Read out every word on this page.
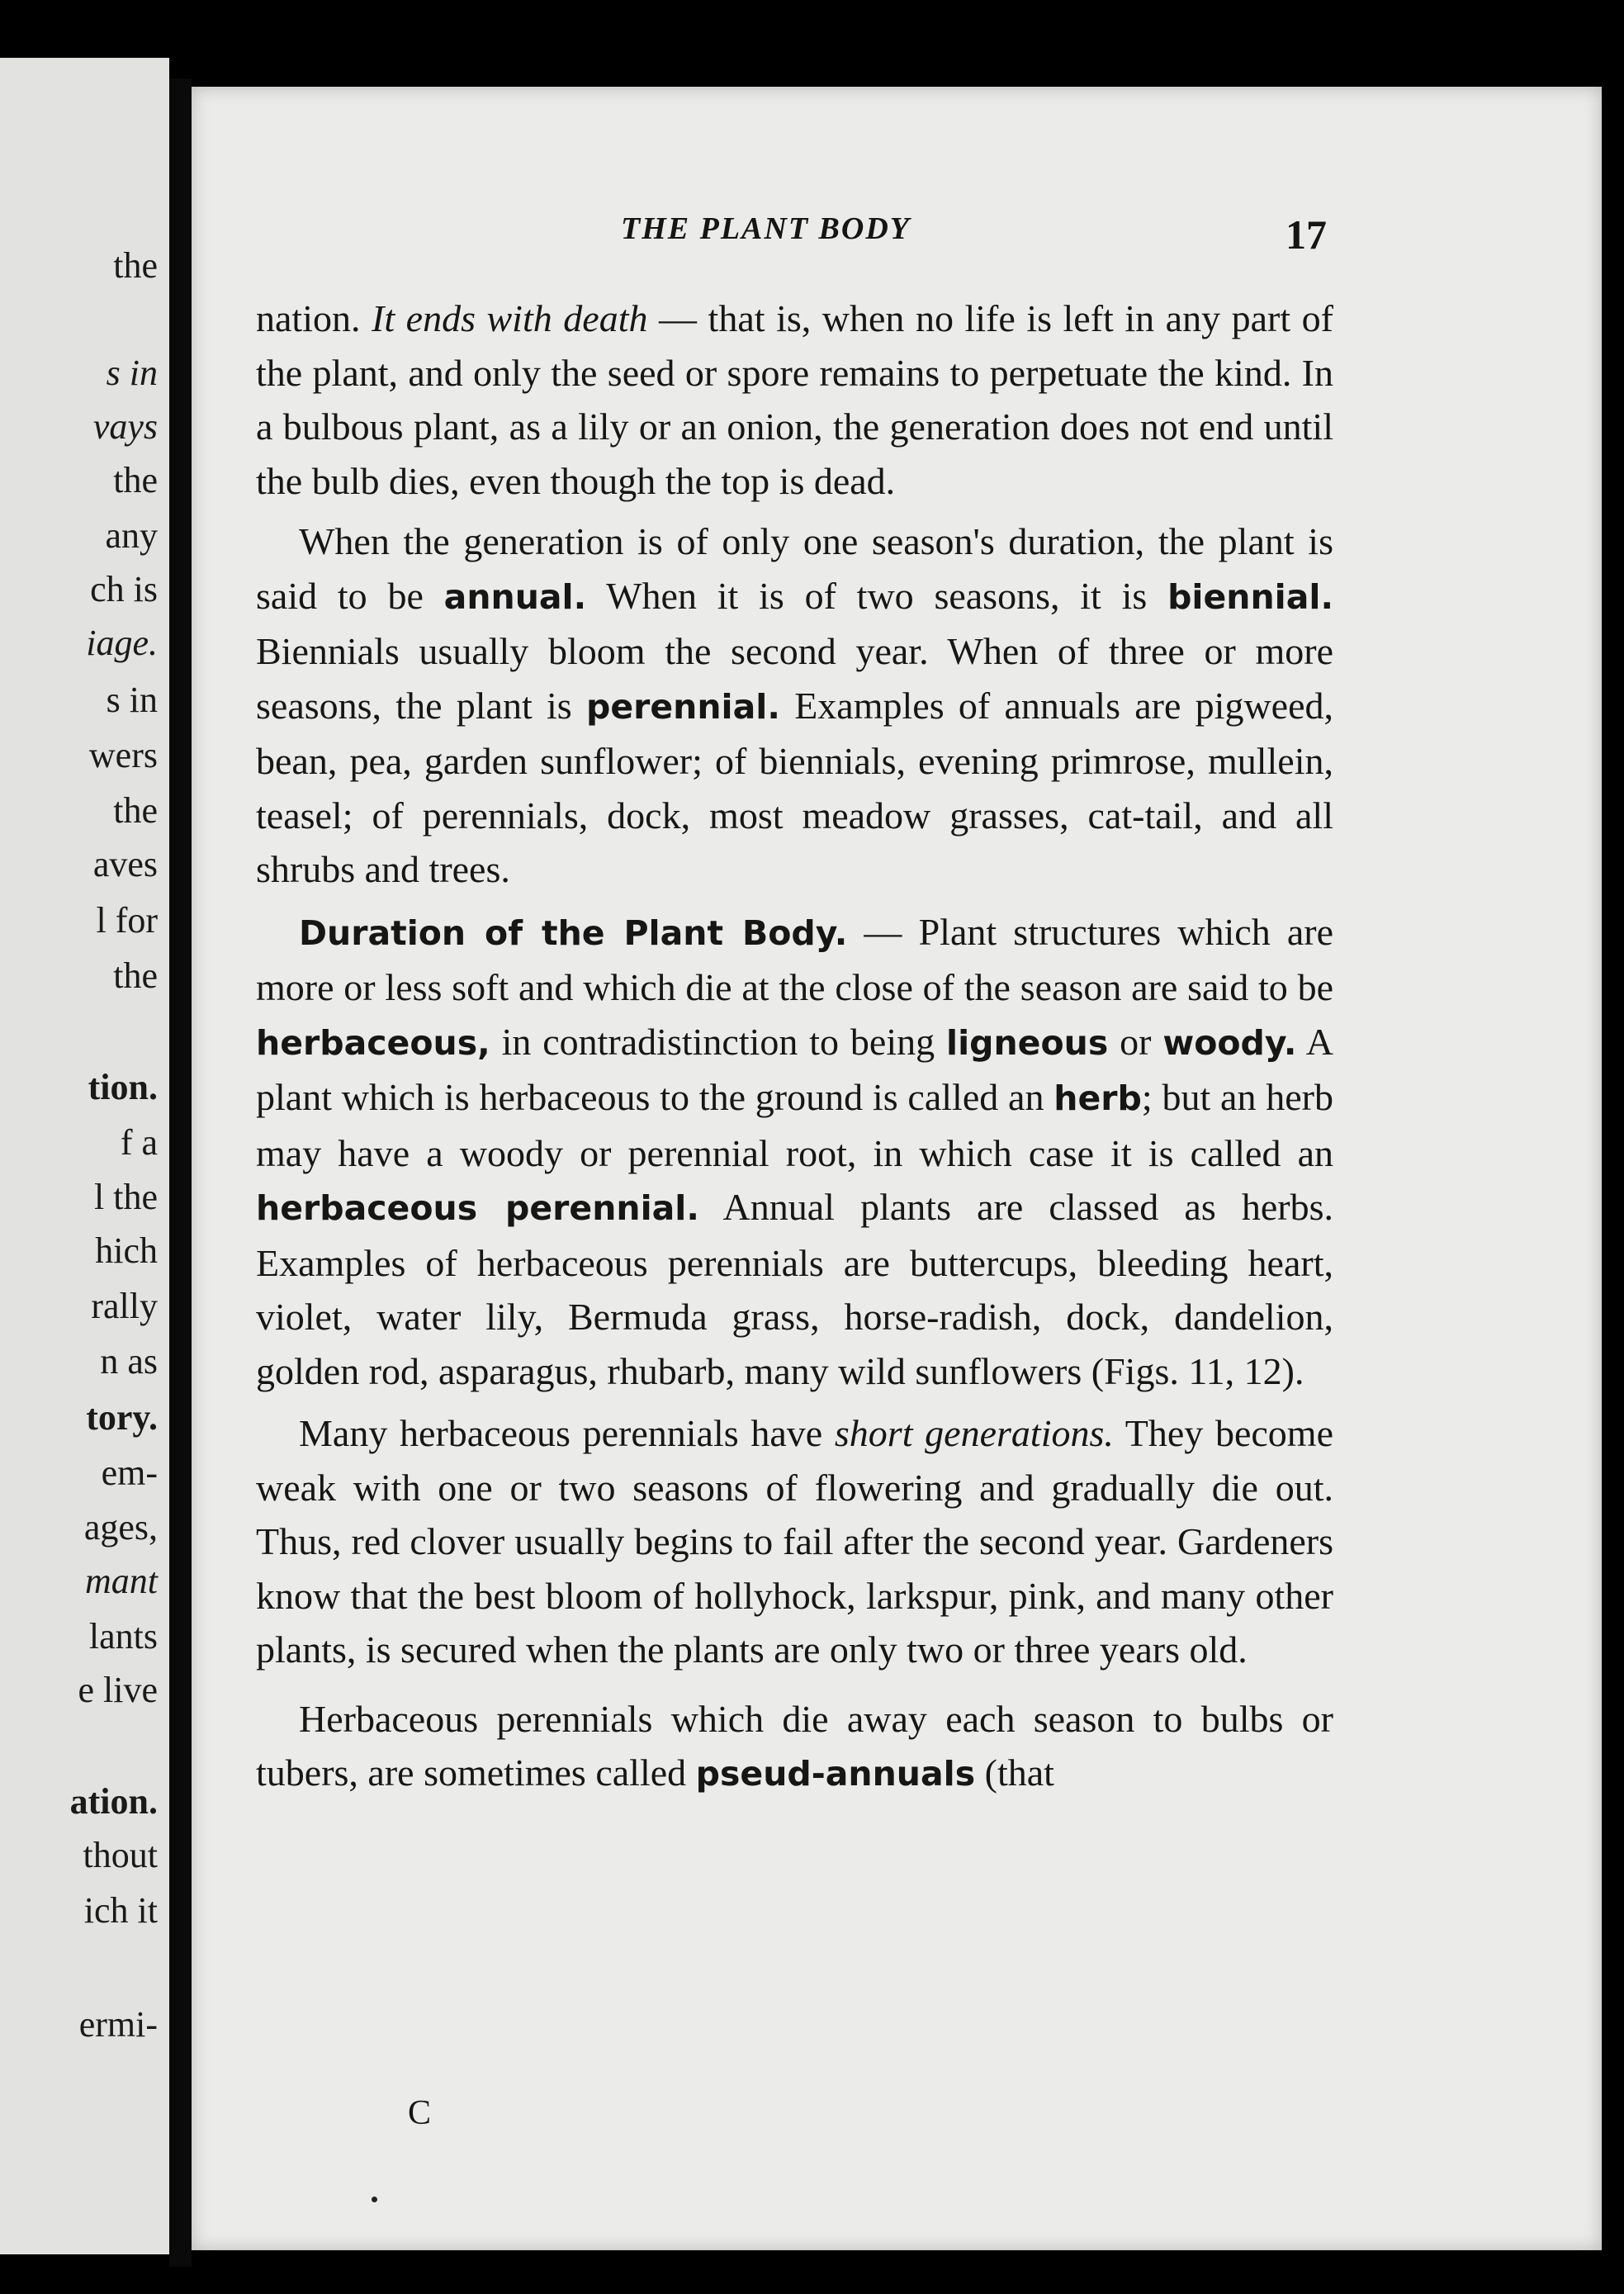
the
s in
vays
the
any
ch is
iage.
s in
wers
the
aves
l for
the
tion.
f a
l the
hich
rally
n as
tory.
em-
ages,
mant
lants
e live
ation.
thout
ich it
ermi-
THE PLANT BODY	17

nation. It ends with death — that is, when no life is left in any part of the plant, and only the seed or spore remains to perpetuate the kind. In a bulbous plant, as a lily or an onion, the generation does not end until the bulb dies, even though the top is dead.

When the generation is of only one season's duration, the plant is said to be annual. When it is of two seasons, it is biennial. Biennials usually bloom the second year. When of three or more seasons, the plant is perennial. Examples of annuals are pigweed, bean, pea, garden sunflower; of biennials, evening primrose, mullein, teasel; of perennials, dock, most meadow grasses, cat-tail, and all shrubs and trees.

Duration of the Plant Body. — Plant structures which are more or less soft and which die at the close of the season are said to be herbaceous, in contradistinction to being ligneous or woody. A plant which is herbaceous to the ground is called an herb; but an herb may have a woody or perennial root, in which case it is called an herbaceous perennial. Annual plants are classed as herbs. Examples of herbaceous perennials are buttercups, bleeding heart, violet, water lily, Bermuda grass, horse-radish, dock, dandelion, golden rod, asparagus, rhubarb, many wild sunflowers (Figs. 11, 12).

Many herbaceous perennials have short generations. They become weak with one or two seasons of flowering and gradually die out. Thus, red clover usually begins to fail after the second year. Gardeners know that the best bloom of hollyhock, larkspur, pink, and many other plants, is secured when the plants are only two or three years old.

Herbaceous perennials which die away each season to bulbs or tubers, are sometimes called pseud-annuals (that

C
